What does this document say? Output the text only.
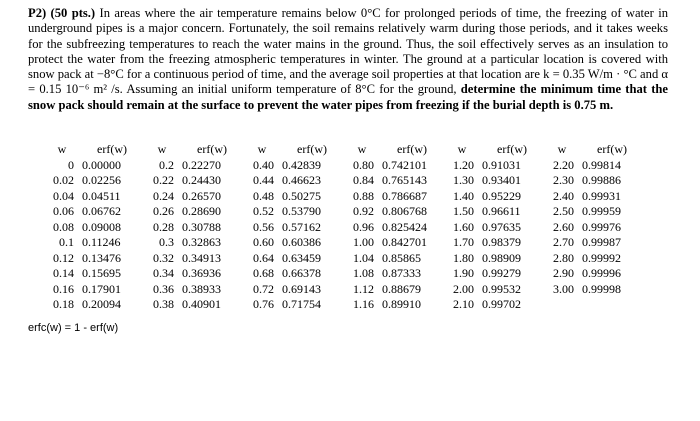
P2) (50 pts.) In areas where the air temperature remains below 0°C for prolonged periods of time, the freezing of water in underground pipes is a major concern. Fortunately, the soil remains relatively warm during those periods, and it takes weeks for the subfreezing temperatures to reach the water mains in the ground. Thus, the soil effectively serves as an insulation to protect the water from the freezing atmospheric temperatures in winter. The ground at a particular location is covered with snow pack at −8°C for a continuous period of time, and the average soil properties at that location are k = 0.35 W/m · °C and α = 0.15 10⁻⁶ m² /s. Assuming an initial uniform temperature of 8°C for the ground, determine the minimum time that the snow pack should remain at the surface to prevent the water pipes from freezing if the burial depth is 0.75 m.

w	erf(w)	w	erf(w)	w	erf(w)	w	erf(w)	w	erf(w)	w	erf(w)
0	0.00000	0.2	0.22270	0.40	0.42839	0.80	0.742101	1.20	0.91031	2.20	0.99814
0.02	0.02256	0.22	0.24430	0.44	0.46623	0.84	0.765143	1.30	0.93401	2.30	0.99886
0.04	0.04511	0.24	0.26570	0.48	0.50275	0.88	0.786687	1.40	0.95229	2.40	0.99931
0.06	0.06762	0.26	0.28690	0.52	0.53790	0.92	0.806768	1.50	0.96611	2.50	0.99959
0.08	0.09008	0.28	0.30788	0.56	0.57162	0.96	0.825424	1.60	0.97635	2.60	0.99976
0.1	0.11246	0.3	0.32863	0.60	0.60386	1.00	0.842701	1.70	0.98379	2.70	0.99987
0.12	0.13476	0.32	0.34913	0.64	0.63459	1.04	0.85865	1.80	0.98909	2.80	0.99992
0.14	0.15695	0.34	0.36936	0.68	0.66378	1.08	0.87333	1.90	0.99279	2.90	0.99996
0.16	0.17901	0.36	0.38933	0.72	0.69143	1.12	0.88679	2.00	0.99532	3.00	0.99998
0.18	0.20094	0.38	0.40901	0.76	0.71754	1.16	0.89910	2.10	0.99702		
erfc(w) = 1 - erf(w)
